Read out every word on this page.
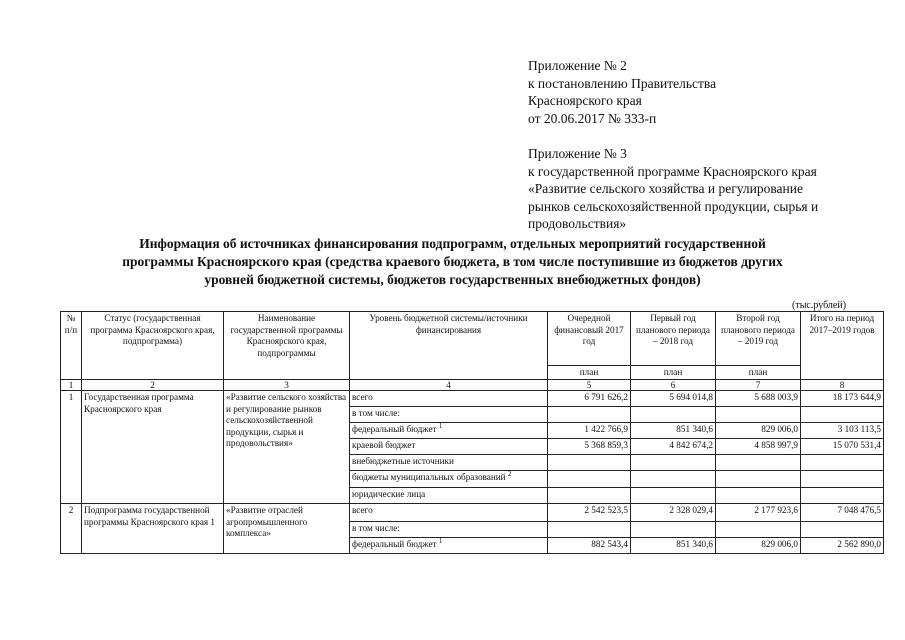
Приложение № 2
к постановлению Правительства
Красноярского края
от 20.06.2017 № 333-п
Приложение № 3
к государственной программе Красноярского края
«Развитие сельского хозяйства и регулирование
рынков сельскохозяйственной продукции, сырья и
продовольствия»
Информация об источниках финансирования подпрограмм, отдельных мероприятий государственной
программы Красноярского края (средства краевого бюджета, в том числе поступившие из бюджетов других
уровней бюджетной системы, бюджетов государственных внебюджетных фондов)
(тыс.рублей)
№ п/п	Статус (государственная программа Красноярского края, подпрограмма)	Наименование государственной программы Красноярского края, подпрограммы	Уровень бюджетной системы/источники финансирования	Очередной финансовый 2017 год	Первый год планового периода – 2018 год	Второй год планового периода – 2019 год	Итого на период 2017–2019 годов
				план	план	план	
1	2	3	4	5	6	7	8
1	Государственная программа Красноярского края	«Развитие сельского хозяйства и регулирование рынков сельскохозяйственной продукции, сырья и продовольствия»	всего	6 791 626,2	5 694 014,8	5 688 003,9	18 173 644,9
			в том числе:				
			федеральный бюджет $^1$	1 422 766,9	851 340,6	829 006,0	3 103 113,5
			краевой бюджет	5 368 859,3	4 842 674,2	4 858 997,9	15 070 531,4
			внебюджетные источники				
			бюджеты муниципальных образований $^2$				
			юридические лица				
2	Подпрограмма государственной программы Красноярского края 1	«Развитие отраслей агропромышленного комплекса»	всего	2 542 523,5	2 328 029,4	2 177 923,6	7 048 476,5
			в том числе:				
			федеральный бюджет $^1$	882 543,4	851 340,6	829 006,0	2 562 890,0
